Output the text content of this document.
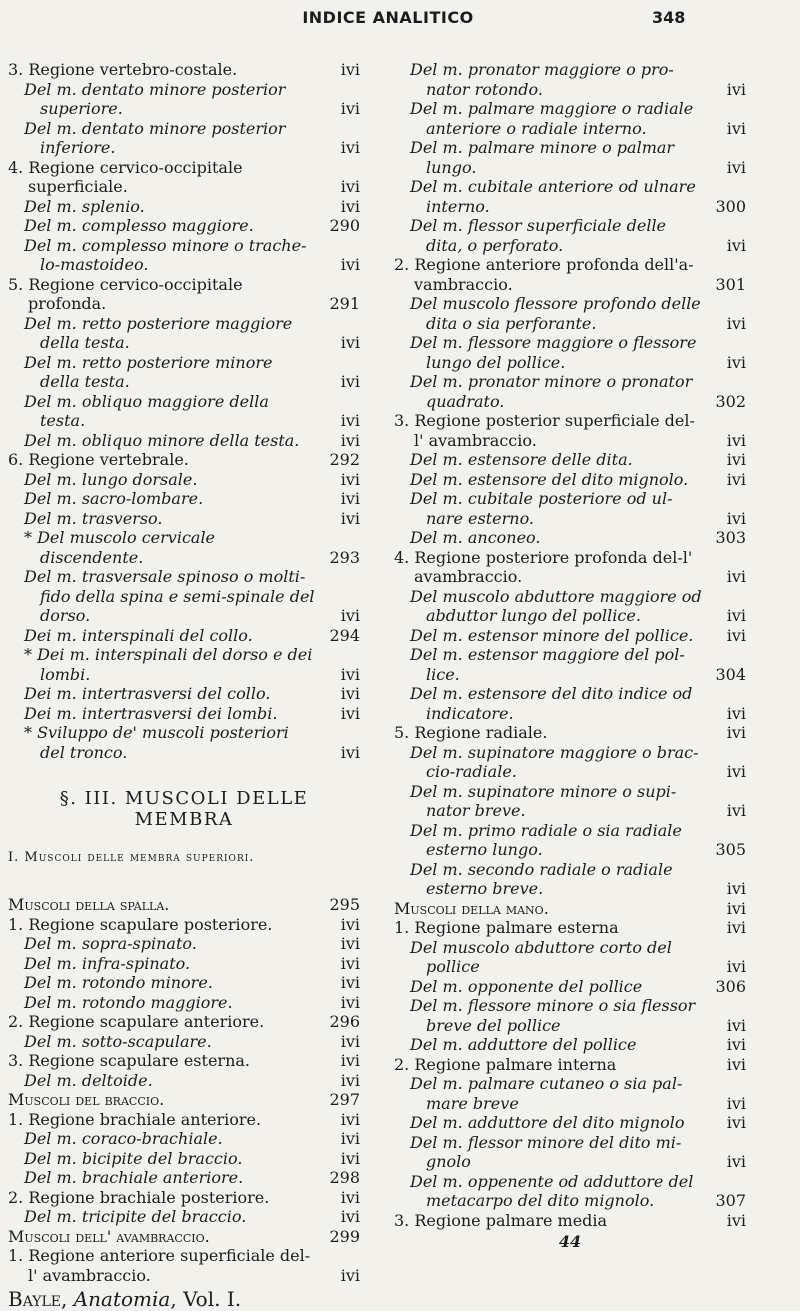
INDICE ANALITICO	348
3. Regione vertebro-costale.	ivi
Del m. dentato minore posterior superiore.	ivi
Del m. dentato minore posterior inferiore.	ivi
4. Regione cervico-occipitale superficiale.	ivi
Del m. splenio.	ivi
Del m. complesso maggiore.	290
Del m. complesso minore o trache-lo-mastoideo.	ivi
5. Regione cervico-occipitale profonda.	291
Del m. retto posteriore maggiore della testa.	ivi
Del m. retto posteriore minore della testa.	ivi
Del m. obliquo maggiore della testa.	ivi
Del m. obliquo minore della testa.	ivi
6. Regione vertebrale.	292
Del m. lungo dorsale.	ivi
Del m. sacro-lombare.	ivi
Del m. trasverso.	ivi
* Del muscolo cervicale discendente.	293
Del m. trasversale spinoso o molti-fido della spina e semi-spinale del dorso.	ivi
Dei m. interspinali del collo.	294
* Dei m. interspinali del dorso e dei lombi.	ivi
Dei m. intertrasversi del collo.	ivi
Dei m. intertrasversi dei lombi.	ivi
* Sviluppo de' muscoli posteriori del tronco.	ivi
§. III. MUSCOLI DELLE MEMBRA
I. Muscoli delle membra superiori.
Muscoli della spalla.	295
1. Regione scapulare posteriore.	ivi
Del m. sopra-spinato.	ivi
Del m. infra-spinato.	ivi
Del m. rotondo minore.	ivi
Del m. rotondo maggiore.	ivi
2. Regione scapulare anteriore.	296
Del m. sotto-scapulare.	ivi
3. Regione scapulare esterna.	ivi
Del m. deltoide.	ivi
Muscoli del braccio.	297
1. Regione brachiale anteriore.	ivi
Del m. coraco-brachiale.	ivi
Del m. bicipite del braccio.	ivi
Del m. brachiale anteriore.	298
2. Regione brachiale posteriore.	ivi
Del m. tricipite del braccio.	ivi
Muscoli dell' avambraccio.	299
1. Regione anteriore superficiale del-l' avambraccio.	ivi
Bayle, Anatomia, Vol. I.
Del m. pronator maggiore o pro-nator rotondo.	ivi
Del m. palmare maggiore o radiale anteriore o radiale interno.	ivi
Del m. palmare minore o palmar lungo.	ivi
Del m. cubitale anteriore od ulnare interno.	300
Del m. flessor superficiale delle dita, o perforato.	ivi
2. Regione anteriore profonda dell'a-vambraccio.	301
Del muscolo flessore profondo delle dita o sia perforante.	ivi
Del m. flessore maggiore o flessore lungo del pollice.	ivi
Del m. pronator minore o pronator quadrato.	302
3. Regione posterior superficiale del-l' avambraccio.	ivi
Del m. estensore delle dita.	ivi
Del m. estensore del dito mignolo.	ivi
Del m. cubitale posteriore od ul-nare esterno.	ivi
Del m. anconeo.	303
4. Regione posteriore profonda del-l' avambraccio.	ivi
Del muscolo abduttore maggiore od abduttor lungo del pollice.	ivi
Del m. estensor minore del pollice.	ivi
Del m. estensor maggiore del pol-lice.	304
Del m. estensore del dito indice od indicatore.	ivi
5. Regione radiale.	ivi
Del m. supinatore maggiore o brac-cio-radiale.	ivi
Del m. supinatore minore o supi-nator breve.	ivi
Del m. primo radiale o sia radiale esterno lungo.	305
Del m. secondo radiale o radiale esterno breve.	ivi
Muscoli della mano.	ivi
1. Regione palmare esterna	ivi
Del muscolo abduttore corto del pollice	ivi
Del m. opponente del pollice	306
Del m. flessore minore o sia flessor breve del pollice	ivi
Del m. adduttore del pollice	ivi
2. Regione palmare interna	ivi
Del m. palmare cutaneo o sia pal-mare breve	ivi
Del m. adduttore del dito mignolo	ivi
Del m. flessor minore del dito mi-gnolo	ivi
Del m. oppenente od adduttore del metacarpo del dito mignolo.	307
3. Regione palmare media	ivi
44
